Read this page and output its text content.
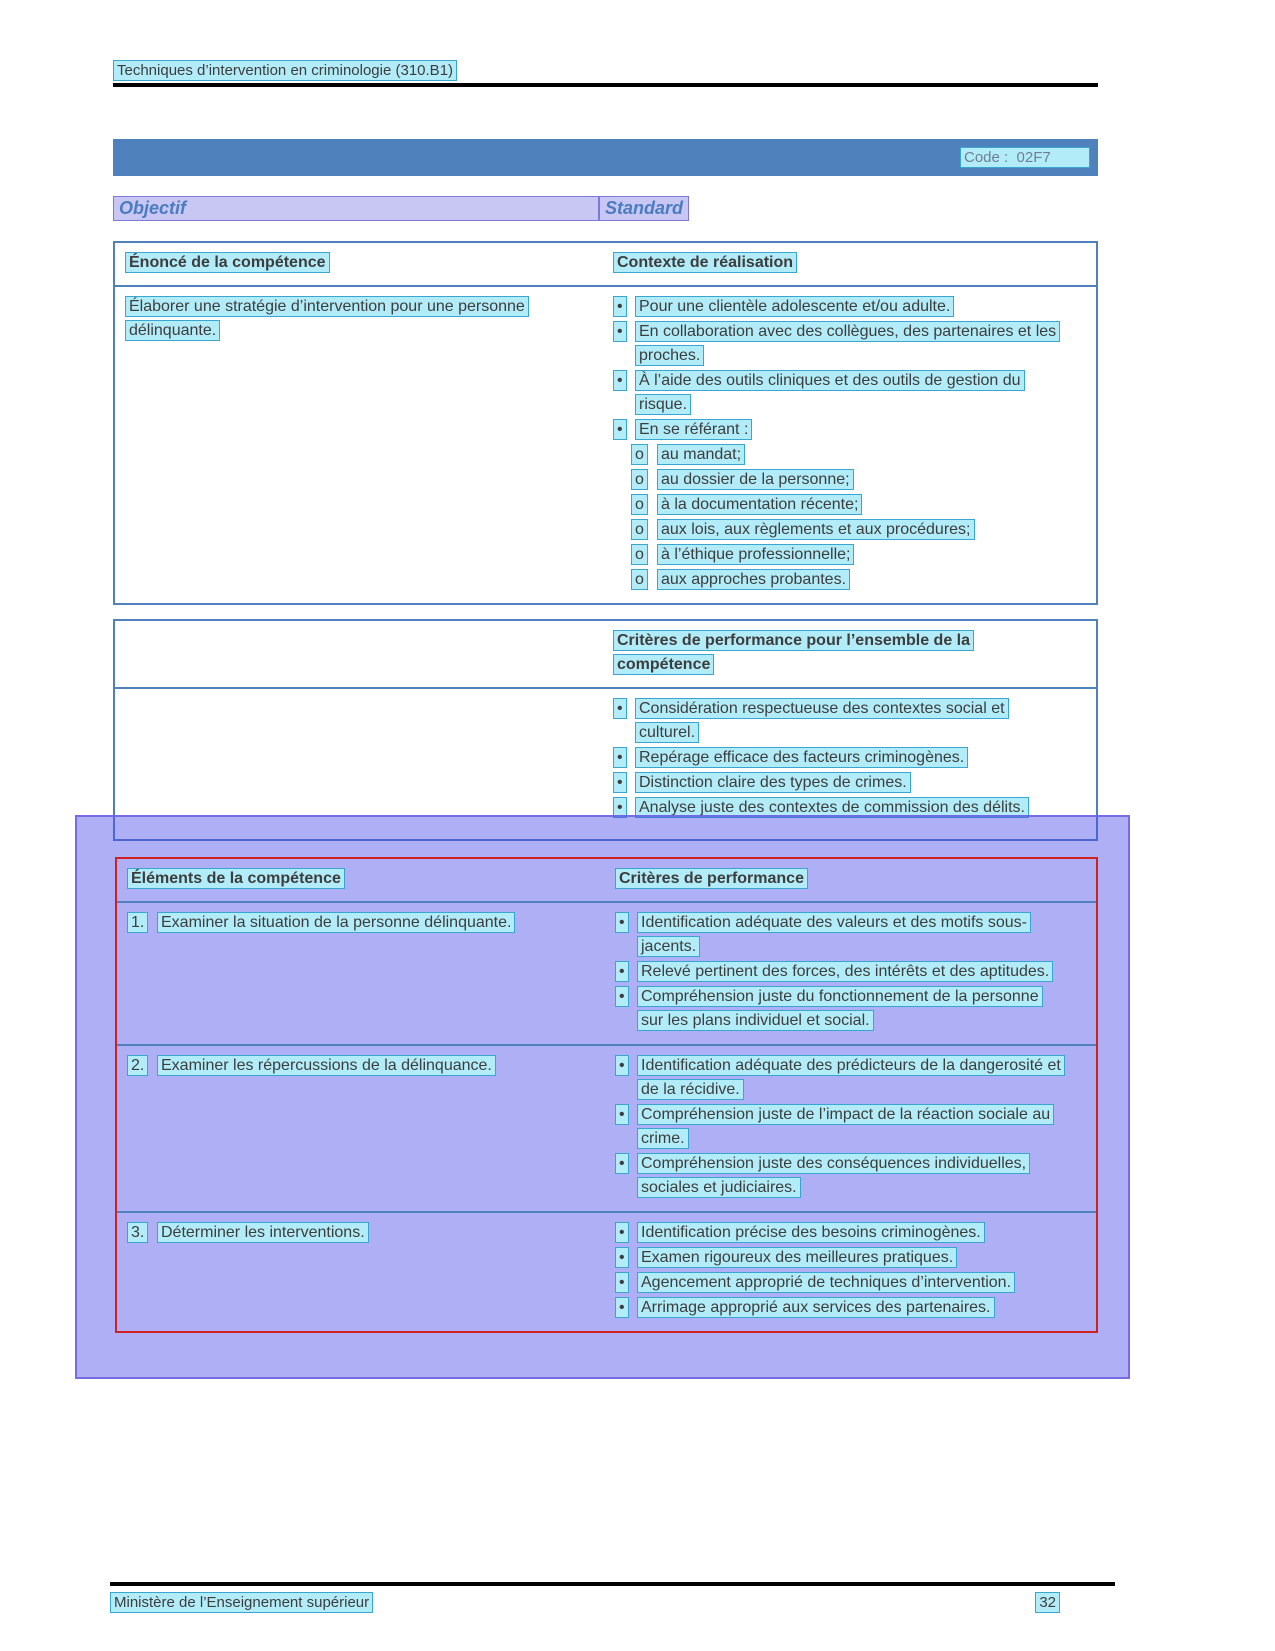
Techniques d’intervention en criminologie (310.B1)
Code :  02F7
Objectif	Standard
Énoncé de la compétence	Contexte de réalisation
Élaborer une stratégie d’intervention pour une personne délinquante.
•	Pour une clientèle adolescente et/ou adulte.
•	En collaboration avec des collègues, des partenaires et les proches.
•	À l’aide des outils cliniques et des outils de gestion du risque.
•	En se référant :
o	au mandat;
o	au dossier de la personne;
o	à la documentation récente;
o	aux lois, aux règlements et aux procédures;
o	à l’éthique professionnelle;
o	aux approches probantes.
Critères de performance pour l’ensemble de la compétence
•	Considération respectueuse des contextes social et culturel.
•	Repérage efficace des facteurs criminogènes.
•	Distinction claire des types de crimes.
•	Analyse juste des contextes de commission des délits.
Éléments de la compétence	Critères de performance
1.	Examiner la situation de la personne délinquante.	•	Identification adéquate des valeurs et des motifs sous-jacents.
•	Relevé pertinent des forces, des intérêts et des aptitudes.
•	Compréhension juste du fonctionnement de la personne sur les plans individuel et social.
2.	Examiner les répercussions de la délinquance.	•	Identification adéquate des prédicteurs de la dangerosité et de la récidive.
•	Compréhension juste de l’impact de la réaction sociale au crime.
•	Compréhension juste des conséquences individuelles, sociales et judiciaires.
3.	Déterminer les interventions.	•	Identification précise des besoins criminogènes.
•	Examen rigoureux des meilleures pratiques.
•	Agencement approprié de techniques d’intervention.
•	Arrimage approprié aux services des partenaires.
Ministère de l’Enseignement supérieur	32
